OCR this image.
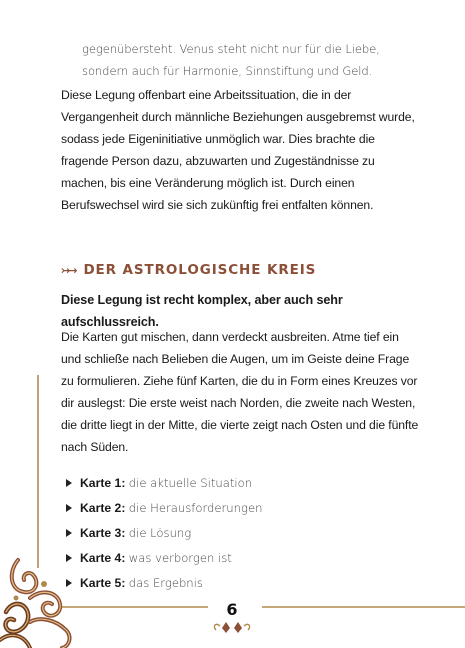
gegenübersteht. Venus steht nicht nur für die Liebe, sondern auch für Harmonie, Sinnstiftung und Geld.
Diese Legung offenbart eine Arbeitssituation, die in der Vergangenheit durch männliche Beziehungen ausgebremst wurde, sodass jede Eigeninitiative unmöglich war. Dies brachte die fragende Person dazu, abzuwarten und Zugeständnisse zu machen, bis eine Veränderung möglich ist. Durch einen Berufswechsel wird sie sich zukünftig frei entfalten können.
↣→ DER ASTROLOGISCHE KREIS
Diese Legung ist recht komplex, aber auch sehr aufschlussreich.
Die Karten gut mischen, dann verdeckt ausbreiten. Atme tief ein und schließe nach Belieben die Augen, um im Geiste deine Frage zu formulieren. Ziehe fünf Karten, die du in Form eines Kreuzes vor dir auslegst: Die erste weist nach Norden, die zweite nach Westen, die dritte liegt in der Mitte, die vierte zeigt nach Osten und die fünfte nach Süden.
Karte 1:
die aktuelle Situation
Karte 2:
die Herausforderungen
Karte 3:
die Lösung
Karte 4:
was verborgen ist
Karte 5:
das Ergebnis
6
